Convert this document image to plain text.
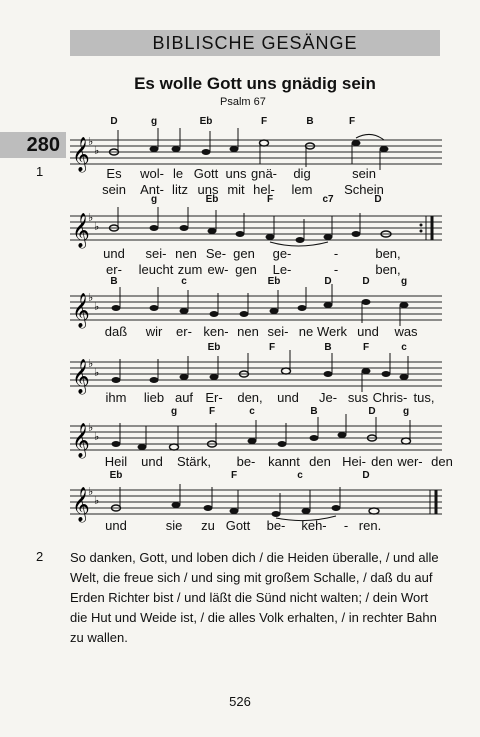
BIBLISCHE GESÄNGE
Es wolle Gott uns gnädig sein
Psalm 67
280
1
D	g	Eb	F	B	F
𝄞
♭
♭
Es wol- le Gott uns gnä- dig	sein
sein Ant- litz uns mit hel- lem Schein
g	Eb	F	c7	D
𝄞
♭
♭
und sei- nen Se- gen ge-	-	ben,
er- leucht zum ew- gen Le-	-	ben,
B	c	Eb	D	D	g
𝄞
♭
♭
daß wir er- ken- nen sei- ne Werk und was
Eb	F	B	F	c
𝄞
♭
♭
ihm lieb auf Er- den, und Je- sus Chris- tus,
g	F	c	B	D	g
𝄞
♭
♭
Heil und Stärk, be- kannt den Hei- den wer- den
Eb	F	c	D
𝄞
♭
♭
und	sie zu Gott be- keh- - ren.
2 So danken, Gott, und loben dich / die Heiden überalle, / und alle
Welt, die freue sich / und sing mit großem Schalle, / daß du auf
Erden Richter bist / und läßt die Sünd nicht walten; / dein Wort
die Hut und Weide ist, / die alles Volk erhalten, / in rechter Bahn
zu wallen.
526
